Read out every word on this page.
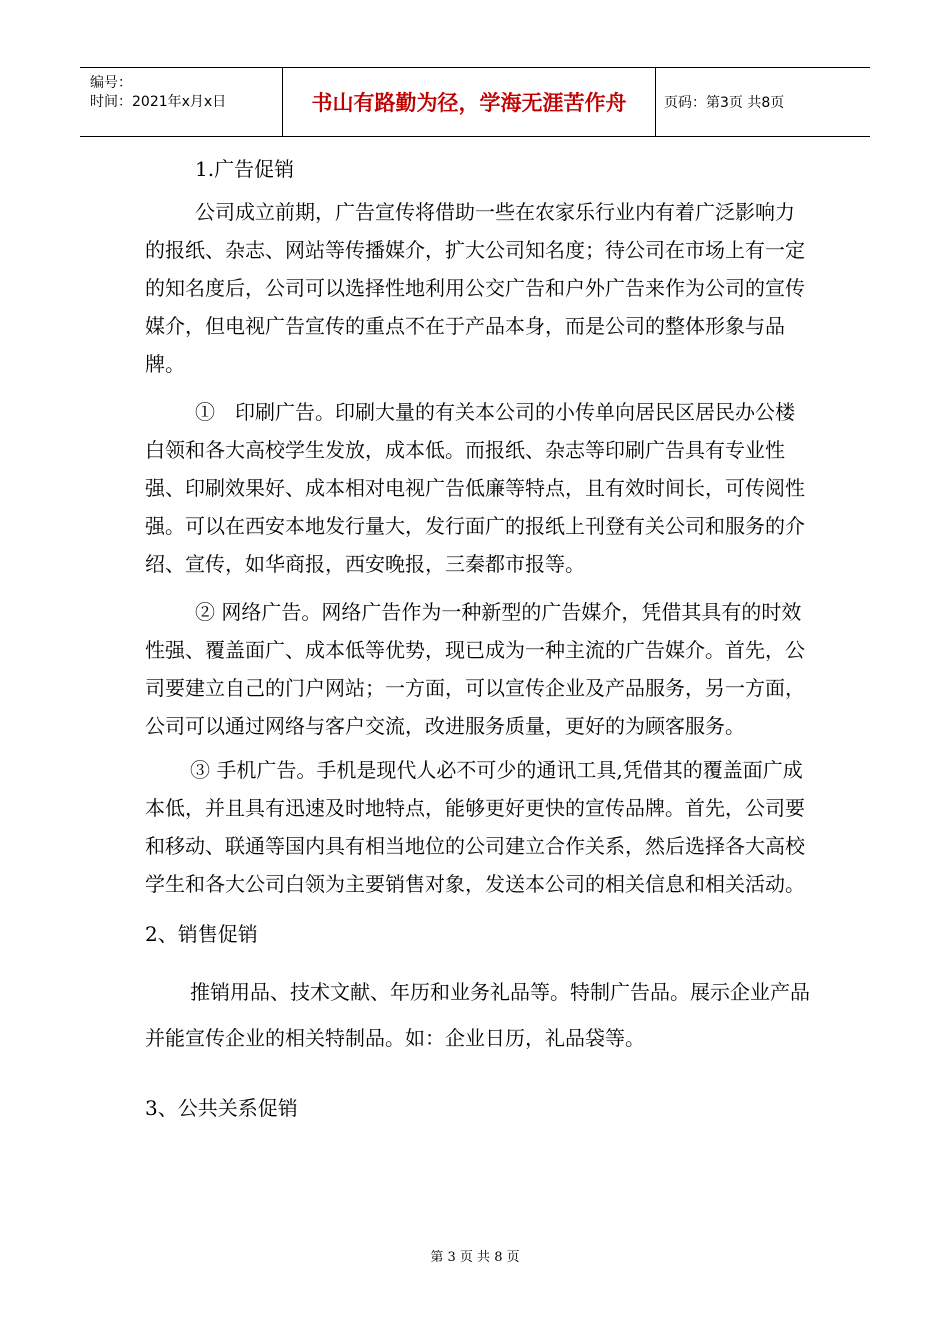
编号：
时间：2021年x月x日	书山有路勤为径，学海无涯苦作舟	页码：第3页 共8页

1.广告促销

公司成立前期，广告宣传将借助一些在农家乐行业内有着广泛影响力的报纸、杂志、网站等传播媒介，扩大公司知名度；待公司在市场上有一定的知名度后，公司可以选择性地利用公交广告和户外广告来作为公司的宣传媒介，但电视广告宣传的重点不在于产品本身，而是公司的整体形象与品牌。

①　印刷广告。印刷大量的有关本公司的小传单向居民区居民办公楼白领和各大高校学生发放，成本低。而报纸、杂志等印刷广告具有专业性强、印刷效果好、成本相对电视广告低廉等特点，且有效时间长，可传阅性强。可以在西安本地发行量大，发行面广的报纸上刊登有关公司和服务的介绍、宣传，如华商报，西安晚报，三秦都市报等。

② 网络广告。网络广告作为一种新型的广告媒介，凭借其具有的时效性强、覆盖面广、成本低等优势，现已成为一种主流的广告媒介。首先，公司要建立自己的门户网站；一方面，可以宣传企业及产品服务，另一方面，公司可以通过网络与客户交流，改进服务质量，更好的为顾客服务。

③ 手机广告。手机是现代人必不可少的通讯工具,凭借其的覆盖面广成本低，并且具有迅速及时地特点，能够更好更快的宣传品牌。首先，公司要和移动、联通等国内具有相当地位的公司建立合作关系，然后选择各大高校学生和各大公司白领为主要销售对象，发送本公司的相关信息和相关活动。

2、销售促销

推销用品、技术文献、年历和业务礼品等。特制广告品。展示企业产品并能宣传企业的相关特制品。如：企业日历，礼品袋等。

3、公共关系促销

第 3 页 共 8 页
